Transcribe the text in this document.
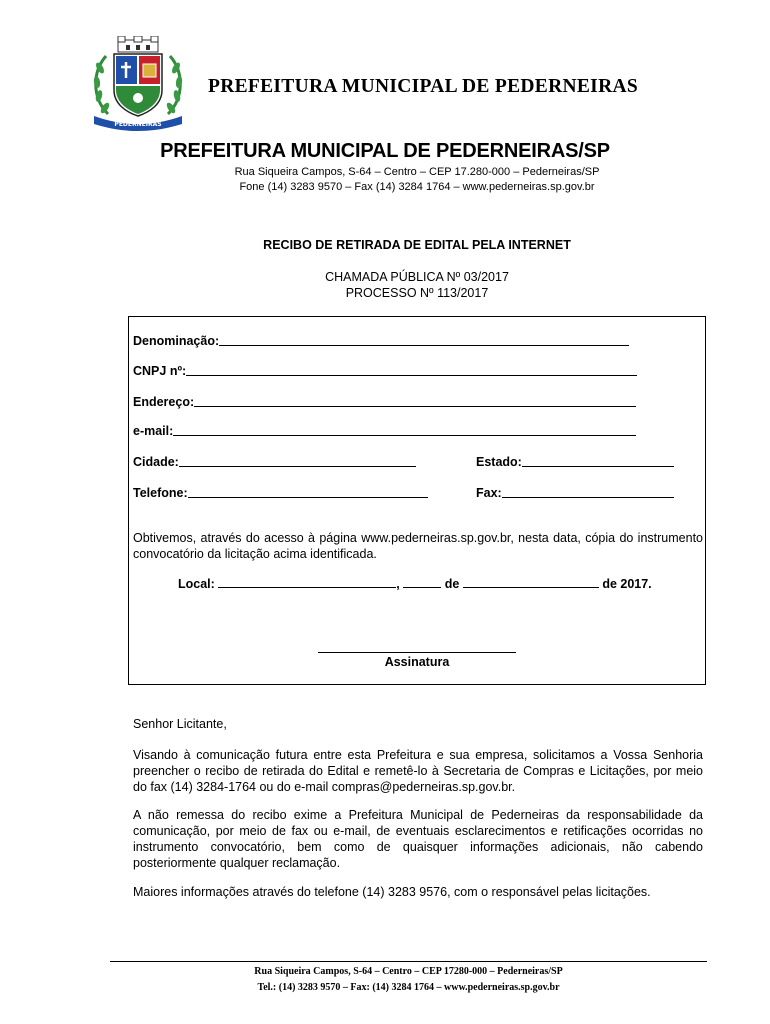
PEDERNEIRAS
PREFEITURA MUNICIPAL DE PEDERNEIRAS
PREFEITURA MUNICIPAL DE PEDERNEIRAS/SP
Rua Siqueira Campos, S-64 – Centro – CEP 17.280-000 – Pederneiras/SP
Fone (14) 3283 9570 – Fax (14) 3284 1764 – www.pederneiras.sp.gov.br
RECIBO DE RETIRADA DE EDITAL PELA INTERNET
CHAMADA PÚBLICA Nº 03/2017
PROCESSO Nº 113/2017
Denominação:
CNPJ nº:
Endereço:
e-mail:
Cidade:	Estado:
Telefone:	Fax:
Obtivemos, através do acesso à página www.pederneiras.sp.gov.br, nesta data, cópia do instrumento convocatório da licitação acima identificada.
Local:	,	de	de 2017.
Assinatura
Senhor Licitante,
Visando à comunicação futura entre esta Prefeitura e sua empresa, solicitamos a Vossa Senhoria preencher o recibo de retirada do Edital e remetê-lo à Secretaria de Compras e Licitações, por meio do fax (14) 3284-1764 ou do e-mail compras@pederneiras.sp.gov.br.
A não remessa do recibo exime a Prefeitura Municipal de Pederneiras da responsabilidade da comunicação, por meio de fax ou e-mail, de eventuais esclarecimentos e retificações ocorridas no instrumento convocatório, bem como de quaisquer informações adicionais, não cabendo posteriormente qualquer reclamação.
Maiores informações através do telefone (14) 3283 9576, com o responsável pelas licitações.
Rua Siqueira Campos, S-64 – Centro – CEP 17280-000 – Pederneiras/SP
Tel.: (14) 3283 9570 – Fax: (14) 3284 1764 – www.pederneiras.sp.gov.br
